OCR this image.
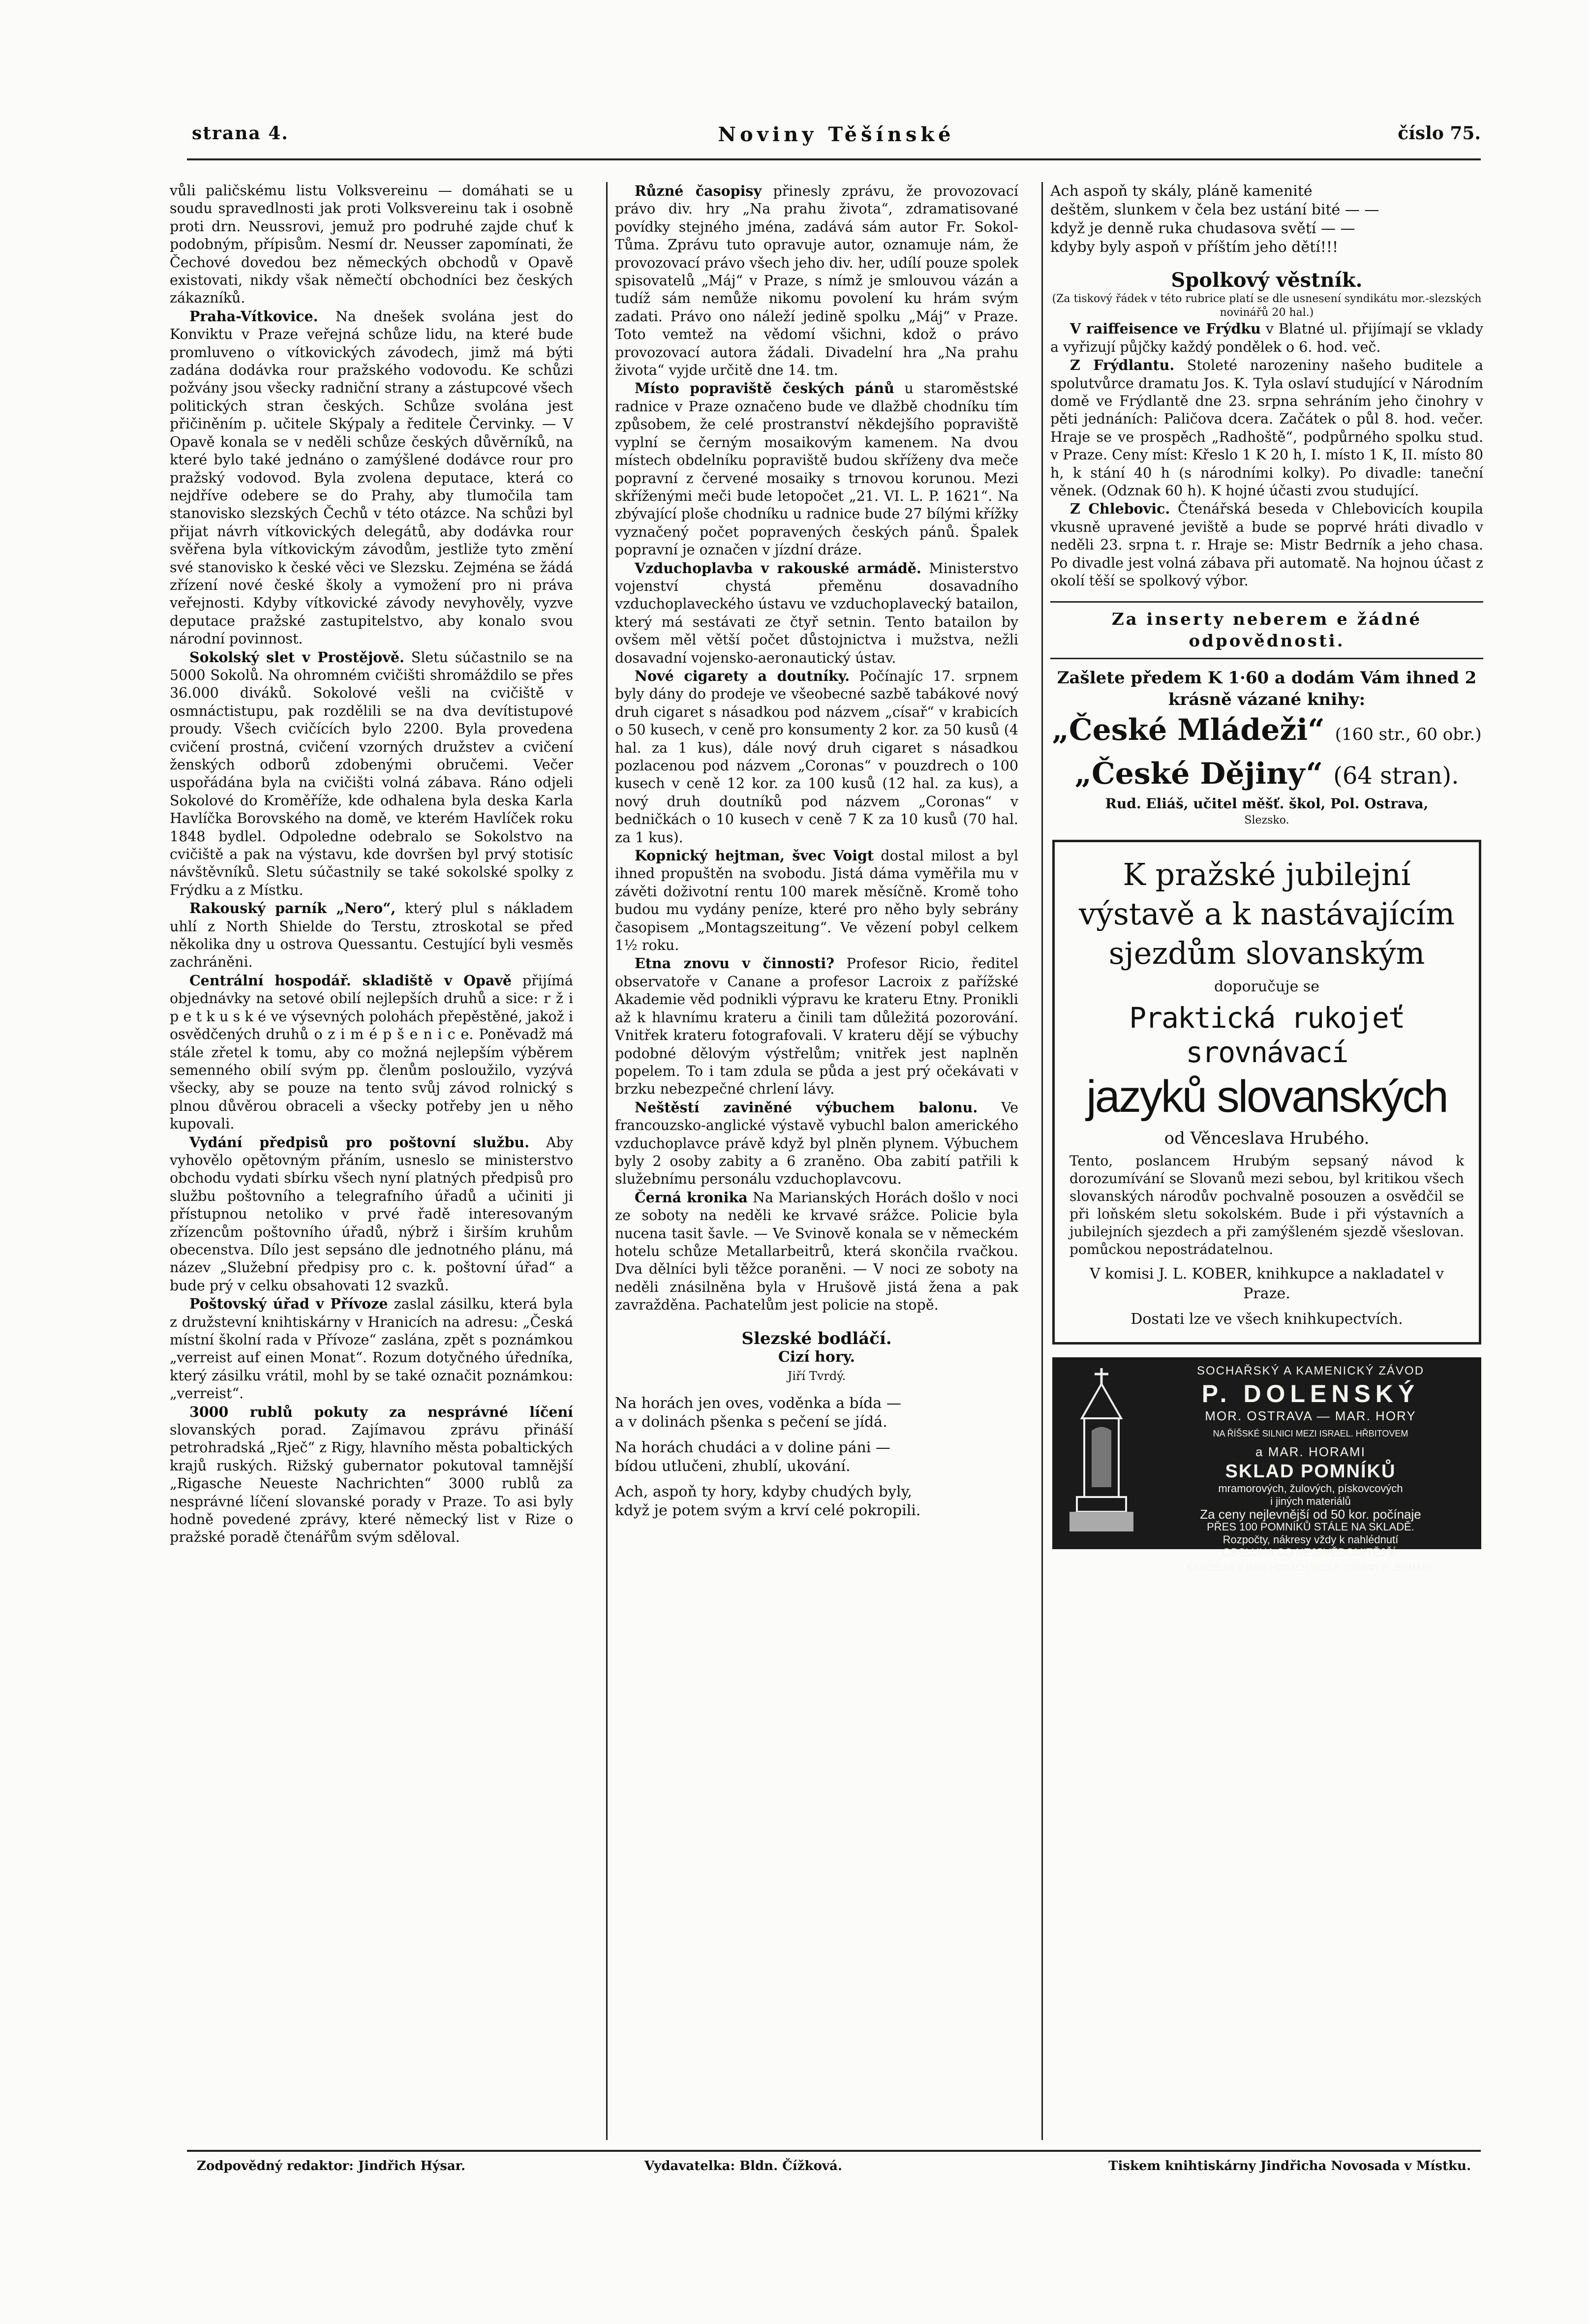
strana 4.	Noviny Těšínské	číslo 75.

vůli paličskému listu Volksvereinu — domáhati se u soudu spravedlnosti jak proti Volksvereinu tak i osobně proti drn. Neussrovi, jemuž pro podruhé zajde chuť k podobným, přípisům. Nesmí dr. Neusser zapomínati, že Čechové dovedou bez německých obchodů v Opavě existovati, nikdy však němečtí obchodníci bez českých zákazníků.

Praha-Vítkovice. Na dnešek svolána jest do Konviktu v Praze veřejná schůze lidu, na které bude promluveno o vítkovických závodech, jimž má býti zadána dodávka rour pražského vodovodu. Ke schůzi požvány jsou všecky radniční strany a zástupcové všech politických stran českých. Schůze svolána jest přičiněním p. učitele Skýpaly a ředitele Červinky. — V Opavě konala se v neděli schůze českých důvěrníků, na které bylo také jednáno o zamýšlené dodávce rour pro pražský vodovod. Byla zvolena deputace, která co nejdříve odebere se do Prahy, aby tlumočila tam stanovisko slezských Čechů v této otázce. Na schůzi byl přijat návrh vítkovických delegátů, aby dodávka rour svěřena byla vítkovickým závodům, jestliže tyto změní své stanovisko k české věci ve Slezsku. Zejména se žádá zřízení nové české školy a vymožení pro ni práva veřejnosti. Kdyby vítkovické závody nevyhověly, vyzve deputace pražské zastupitelstvo, aby konalo svou národní povinnost.

Sokolský slet v Prostějově. Sletu súčastnilo se na 5000 Sokolů. Na ohromném cvičišti shromáždilo se přes 36.000 diváků. Sokolové vešli na cvičiště v osmnáctistupu, pak rozdělili se na dva devítistupové proudy. Všech cvičících bylo 2200. Byla provedena cvičení prostná, cvičení vzorných družstev a cvičení ženských odborů zdobenými obručemi. Večer uspořádána byla na cvičišti volná zábava. Ráno odjeli Sokolové do Kroměříže, kde odhalena byla deska Karla Havlíčka Borovského na domě, ve kterém Havlíček roku 1848 bydlel. Odpoledne odebralo se Sokolstvo na cvičiště a pak na výstavu, kde dovršen byl prvý stotisíc návštěvníků. Sletu súčastnily se také sokolské spolky z Frýdku a z Místku.

Rakouský parník „Nero“, který plul s nákladem uhlí z North Shielde do Terstu, ztroskotal se před několika dny u ostrova Quessantu. Cestující byli vesměs zachráněni.

Centrální hospodář. skladiště v Opavě přijímá objednávky na setové obilí nejlepších druhů a sice: r ž i p e t k u s k é ve výsevných polohách přepěstěné, jakož i osvědčených druhů o z i m é p š e n i c e. Poněvadž má stále zřetel k tomu, aby co možná nejlepším výběrem semenného obilí svým pp. členům posloužilo, vyzývá všecky, aby se pouze na tento svůj závod rolnický s plnou důvěrou obraceli a všecky potřeby jen u něho kupovali.

Vydání předpisů pro poštovní službu. Aby vyhovělo opětovným přáním, usneslo se ministerstvo obchodu vydati sbírku všech nyní platných předpisů pro službu poštovního a telegrafního úřadů a učiniti ji přístupnou netoliko v prvé řadě interesovaným zřízencům poštovního úřadů, nýbrž i širším kruhům obecenstva. Dílo jest sepsáno dle jednotného plánu, má název „Služební předpisy pro c. k. poštovní úřad“ a bude prý v celku obsahovati 12 svazků.

Poštovský úřad v Přívoze zaslal zásilku, která byla z družstevní knihtiskárny v Hranicích na adresu: „Česká místní školní rada v Přívoze“ zaslána, zpět s poznámkou „verreist auf einen Monat“. Rozum dotyčného úředníka, který zásilku vrátil, mohl by se také označit poznámkou: „verreist“.

3000 rublů pokuty za nesprávné líčení slovanských porad. Zajímavou zprávu přináší petrohradská „Rječ“ z Rigy, hlavního města pobaltických krajů ruských. Rižský gubernator pokutoval tamnější „Rigasche Neueste Nachrichten“ 3000 rublů za nesprávné líčení slovanské porady v Praze. To asi byly hodně povedené zprávy, které německý list v Rize o pražské poradě čtenářům svým sděloval.

Různé časopisy přinesly zprávu, že provozovací právo div. hry „Na prahu života“, zdramatisované povídky stejného jména, zadává sám autor Fr. Sokol-Tůma. Zprávu tuto opravuje autor, oznamuje nám, že provozovací právo všech jeho div. her, udílí pouze spolek spisovatelů „Máj“ v Praze, s nímž je smlouvou vázán a tudíž sám nemůže nikomu povolení ku hrám svým zadati. Právo ono náleží jedině spolku „Máj“ v Praze. Toto vemtež na vědomí všichni, kdož o právo provozovací autora žádali. Divadelní hra „Na prahu života“ vyjde určitě dne 14. tm.

Místo popraviště českých pánů u staroměstské radnice v Praze označeno bude ve dlažbě chodníku tím způsobem, že celé prostranství někdejšího popraviště vyplní se černým mosaikovým kamenem. Na dvou místech obdelníku popraviště budou skříženy dva meče popravní z červené mosaiky s trnovou korunou. Mezi skříženými meči bude letopočet „21. VI. L. P. 1621“. Na zbývající ploše chodníku u radnice bude 27 bílými křížky vyznačený počet popravených českých pánů. Špalek popravní je označen v jízdní dráze.

Vzduchoplavba v rakouské armádě. Ministerstvo vojenství chystá přeměnu dosavadního vzduchoplaveckého ústavu ve vzduchoplavecký batailon, který má sestávati ze čtyř setnin. Tento batailon by ovšem měl větší počet důstojnictva i mužstva, nežli dosavadní vojensko-aeronautický ústav.

Nové cigarety a doutníky. Počínajíc 17. srpnem byly dány do prodeje ve všeobecné sazbě tabákové nový druh cigaret s násadkou pod názvem „císař“ v krabicích o 50 kusech, v ceně pro konsumenty 2 kor. za 50 kusů (4 hal. za 1 kus), dále nový druh cigaret s násadkou pozlacenou pod názvem „Coronas“ v pouzdrech o 100 kusech v ceně 12 kor. za 100 kusů (12 hal. za kus), a nový druh doutníků pod názvem „Coronas“ v bedničkách o 10 kusech v ceně 7 K za 10 kusů (70 hal. za 1 kus).

Kopnický hejtman, švec Voigt dostal milost a byl ihned propuštěn na svobodu. Jistá dáma vyměřila mu v závěti doživotní rentu 100 marek měsíčně. Kromě toho budou mu vydány peníze, které pro něho byly sebrány časopisem „Montagszeitung“. Ve vězení pobyl celkem 1½ roku.

Etna znovu v činnosti? Profesor Ricio, ředitel observatoře v Canane a profesor Lacroix z pařížské Akademie věd podnikli výpravu ke krateru Etny. Pronikli až k hlavnímu krateru a činili tam důležitá pozorování. Vnitřek krateru fotografovali. V krateru dějí se výbuchy podobné dělovým výstřelům; vnitřek jest naplněn popelem. To i tam zdula se půda a jest prý očekávati v brzku nebezpečné chrlení lávy.

Neštěstí zaviněné výbuchem balonu. Ve francouzsko-anglické výstavě vybuchl balon amerického vzduchoplavce právě když byl plněn plynem. Výbuchem byly 2 osoby zabity a 6 zraněno. Oba zabití patřili k služebnímu personálu vzduchoplavcovu.

Černá kronika Na Marianských Horách došlo v noci ze soboty na neděli ke krvavé srážce. Policie byla nucena tasit šavle. — Ve Svinově konala se v německém hotelu schůze Metallarbeitrů, která skončila rvačkou. Dva dělníci byli těžce poraněni. — V noci ze soboty na neděli znásilněna byla v Hrušově jistá žena a pak zavražděna. Pachatelům jest policie na stopě.

Slezské bodláčí.
Cizí hory.
Jiří Tvrdý.
Na horách jen oves, voděnka a bída —
a v dolinách pšenka s pečení se jídá.
Na horách chudáci a v doline páni —
bídou utlučeni, zhublí, ukování.
Ach, aspoň ty hory, kdyby chudých byly,
když je potem svým a krví celé pokropili.
Ach aspoň ty skály, pláně kamenité
deštěm, slunkem v čela bez ustání bité — —
když je denně ruka chudasova světí — —
kdyby byly aspoň v příštím jeho dětí!!!
Spolkový věstník.
(Za tiskový řádek v této rubrice platí se dle usnesení syndikátu mor.-slezských novinářů 20 hal.)

V raiffeisence ve Frýdku v Blatné ul. přijímají se vklady a vyřizují půjčky každý pondělek o 6. hod. več.

Z Frýdlantu. Stoleté narozeniny našeho buditele a spolutvůrce dramatu Jos. K. Tyla oslaví studující v Národním domě ve Frýdlantě dne 23. srpna sehráním jeho činohry v pěti jednáních: Paličova dcera. Začátek o půl 8. hod. večer. Hraje se ve prospěch „Radhoště“, podpůrného spolku stud. v Praze. Ceny míst: Křeslo 1 K 20 h, I. místo 1 K, II. místo 80 h, k stání 40 h (s národními kolky). Po divadle: taneční věnek. (Odznak 60 h). K hojné účasti zvou studující.

Z Chlebovic. Čtenářská beseda v Chlebovicích koupila vkusně upravené jeviště a bude se poprvé hráti divadlo v neděli 23. srpna t. r. Hraje se: Mistr Bedrník a jeho chasa. Po divadle jest volná zábava při automatě. Na hojnou účast z okolí těší se spolkový výbor.

Za inserty neberem e žádné odpovědnosti.
Zašlete předem K 1·60 a dodám Vám ihned 2 krásně vázané knihy:
„České Mládeži“ (160 str., 60 obr.)
„České Dějiny“ (64 stran).
Rud. Eliáš, učitel měšť. škol, Pol. Ostrava,
Slezsko.
K pražské jubilejní výstavě a k nastávajícím sjezdům slovanským
doporučuje se
Praktická rukojeť srovnávací
jazyků slovanských
od Věnceslava Hrubého.
Tento, poslancem Hrubým sepsaný návod k dorozumívání se Slovanů mezi sebou, byl kritikou všech slovanských národův pochvalně posouzen a osvědčil se při loňském sletu sokolském. Bude i při výstavních a jubilejních sjezdech a při zamýšleném sjezdě všeslovan. pomůckou nepostrádatelnou.
V komisi J. L. KOBER, knihkupce a nakladatel v Praze.
Dostati lze ve všech knihkupectvích.
SOCHAŘSKÝ A KAMENICKÝ ZÁVOD
P. DOLENSKÝ
MOR. OSTRAVA — MAR. HORY
NA ŘÍŠSKÉ SILNICI MEZI ISRAEL. HŘBITOVEM
a MAR. HORAMI
SKLAD POMNÍKŮ
mramorových, žulových, pískovcových
i jiných materiálů
Za ceny nejlevnější od 50 kor. počínaje
PŘES 100 POMNÍKŮ STÁLE NA SKLADĚ.
Rozpočty, nákresy vždy k nahlédnutí
OBSLUHA CO NEJSVĚDOMITĚJŠÍ.
KANCELÁŘ V MAR. HORÁCH VEDLE TOURNÝ P. JERMAŘE
Zodpovědný redaktor: Jindřich Hýsar.	Vydavatelka: Bldn. Čížková.	Tiskem knihtiskárny Jindřicha Novosada v Místku.
